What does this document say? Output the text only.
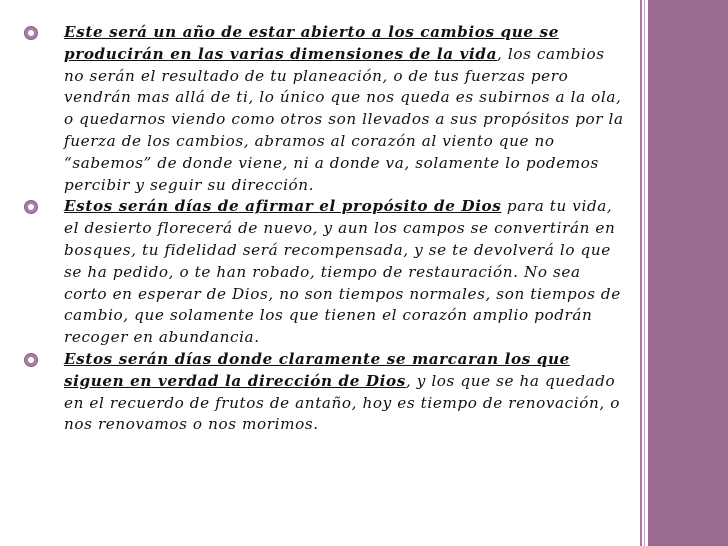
Este será un año de estar abierto a los cambios que se producirán en las varias dimensiones de la vida, los cambios no serán el resultado de tu planeación, o de tus fuerzas pero vendrán mas allá de ti, lo único que nos queda es subirnos a la ola, o quedarnos viendo como otros son llevados a sus propósitos por la fuerza de los cambios, abramos al corazón al viento que no “sabemos” de donde viene, ni a donde va, solamente lo podemos percibir y seguir su dirección.

Estos serán días de afirmar el propósito de Dios para tu vida, el desierto florecerá de nuevo, y aun los campos se convertirán en bosques, tu fidelidad será recompensada, y se te devolverá lo que se ha pedido, o te han robado, tiempo de restauración. No sea corto en esperar de Dios, no son tiempos normales, son tiempos de cambio, que solamente los que tienen el corazón amplio podrán recoger en abundancia.

Estos serán días donde claramente se marcaran los que siguen en verdad la dirección de Dios, y los que se ha quedado en el recuerdo de frutos de antaño, hoy es tiempo de renovación, o nos renovamos o nos morimos.
